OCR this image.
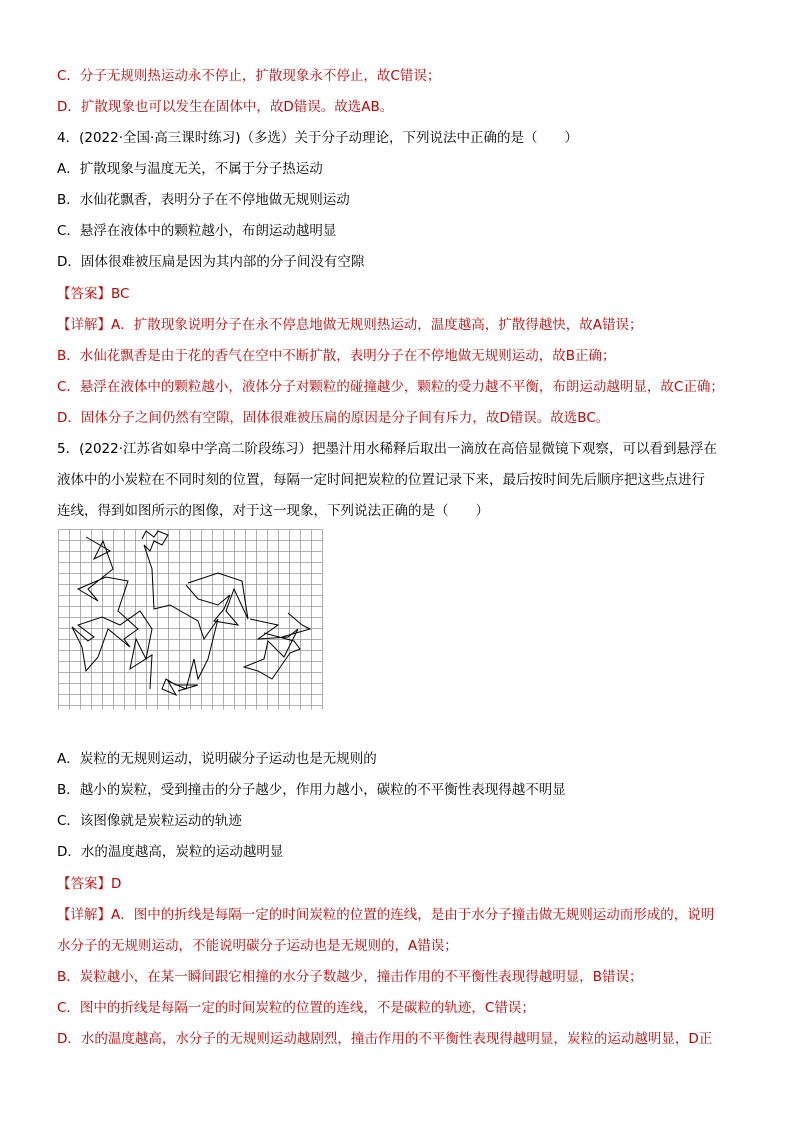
C．分子无规则热运动永不停止，扩散现象永不停止，故C错误；
D．扩散现象也可以发生在固体中，故D错误。故选AB。
4．(2022·全国·高三课时练习)（多选）关于分子动理论，下列说法中正确的是（　　）
A．扩散现象与温度无关，不属于分子热运动
B．水仙花飘香，表明分子在不停地做无规则运动
C．悬浮在液体中的颗粒越小，布朗运动越明显
D．固体很难被压扁是因为其内部的分子间没有空隙
【答案】BC
【详解】A．扩散现象说明分子在永不停息地做无规则热运动，温度越高，扩散得越快，故A错误；
B．水仙花飘香是由于花的香气在空中不断扩散，表明分子在不停地做无规则运动，故B正确；
C．悬浮在液体中的颗粒越小，液体分子对颗粒的碰撞越少，颗粒的受力越不平衡，布朗运动越明显，故C正确；
D．固体分子之间仍然有空隙，固体很难被压扁的原因是分子间有斥力，故D错误。故选BC。
5．(2022·江苏省如皋中学高二阶段练习）把墨汁用水稀释后取出一滴放在高倍显微镜下观察，可以看到悬浮在
液体中的小炭粒在不同时刻的位置，每隔一定时间把炭粒的位置记录下来，最后按时间先后顺序把这些点进行
连线，得到如图所示的图像，对于这一现象，下列说法正确的是（　　）
A．炭粒的无规则运动，说明碳分子运动也是无规则的
B．越小的炭粒，受到撞击的分子越少，作用力越小，碳粒的不平衡性表现得越不明显
C．该图像就是炭粒运动的轨迹
D．水的温度越高，炭粒的运动越明显
【答案】D
【详解】A．图中的折线是每隔一定的时间炭粒的位置的连线，是由于水分子撞击做无规则运动而形成的，说明
水分子的无规则运动，不能说明碳分子运动也是无规则的，A错误；
B．炭粒越小，在某一瞬间跟它相撞的水分子数越少，撞击作用的不平衡性表现得越明显，B错误；
C．图中的折线是每隔一定的时间炭粒的位置的连线，不是碳粒的轨迹，C错误；
D．水的温度越高，水分子的无规则运动越剧烈，撞击作用的不平衡性表现得越明显，炭粒的运动越明显，D正
